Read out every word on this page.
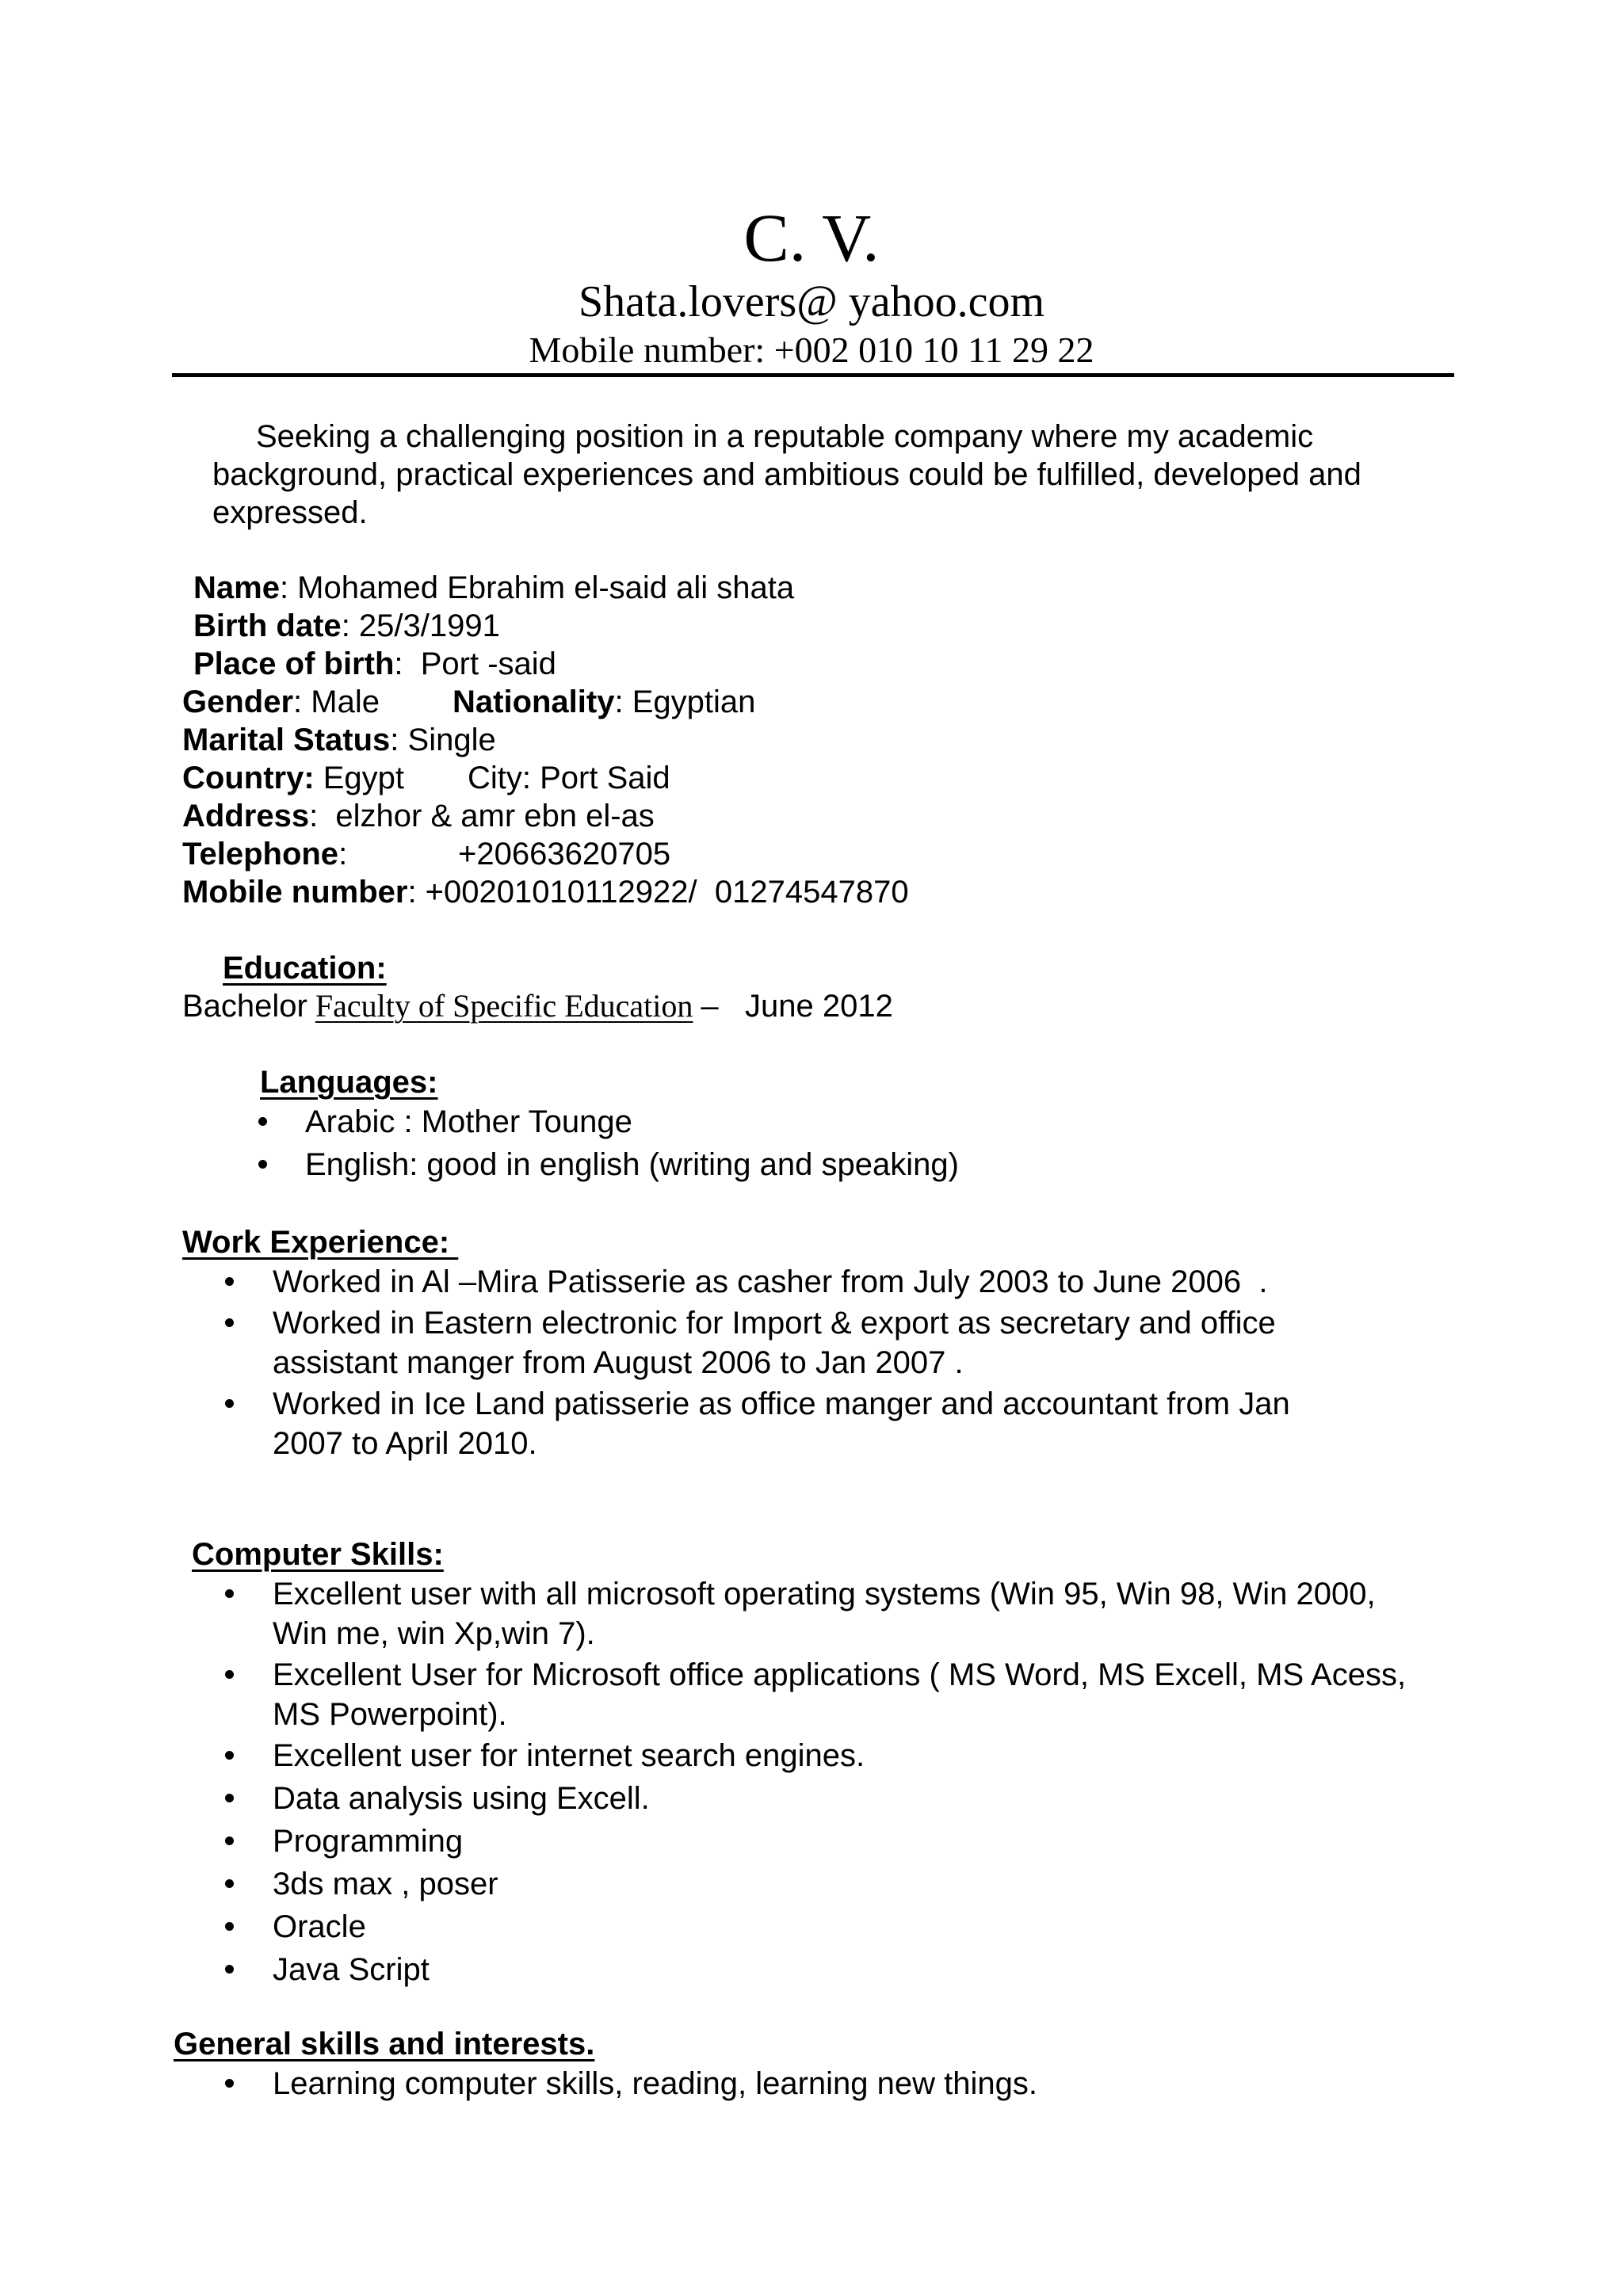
C. V.
Shata.lovers@ yahoo.com
Mobile number: +002 010 10 11 29 22
Seeking a challenging position in a reputable company where my academic
background, practical experiences and ambitious could be fulfilled, developed and
expressed.
Name: Mohamed Ebrahim el-said ali shata
Birth date: 25/3/1991
Place of birth:  Port -said
Gender: Male Nationality: Egyptian
Marital Status: Single
Country: Egypt City: Port Said
Address:  elzhor & amr ebn el-as
Telephone:	+20663620705
Mobile number: +00201010112922/  01274547870
Education:
Bachelor Faculty of Specific Education –   June 2012
Languages:
Arabic : Mother Tounge
English: good in english (writing and speaking)
Work Experience:
Worked in Al –Mira Patisserie as casher from July 2003 to June 2006  .
Worked in Eastern electronic for Import & export as secretary and office
assistant manger from August 2006 to Jan 2007 .
Worked in Ice Land patisserie as office manger and accountant from Jan
2007 to April 2010.
Computer Skills:
Excellent user with all microsoft operating systems (Win 95, Win 98, Win 2000,
Win me, win Xp,win 7).
Excellent User for Microsoft office applications ( MS Word, MS Excell, MS Acess,
MS Powerpoint).
Excellent user for internet search engines.
Data analysis using Excell.
Programming
3ds max , poser
Oracle
Java Script
General skills and interests.
Learning computer skills, reading, learning new things.
